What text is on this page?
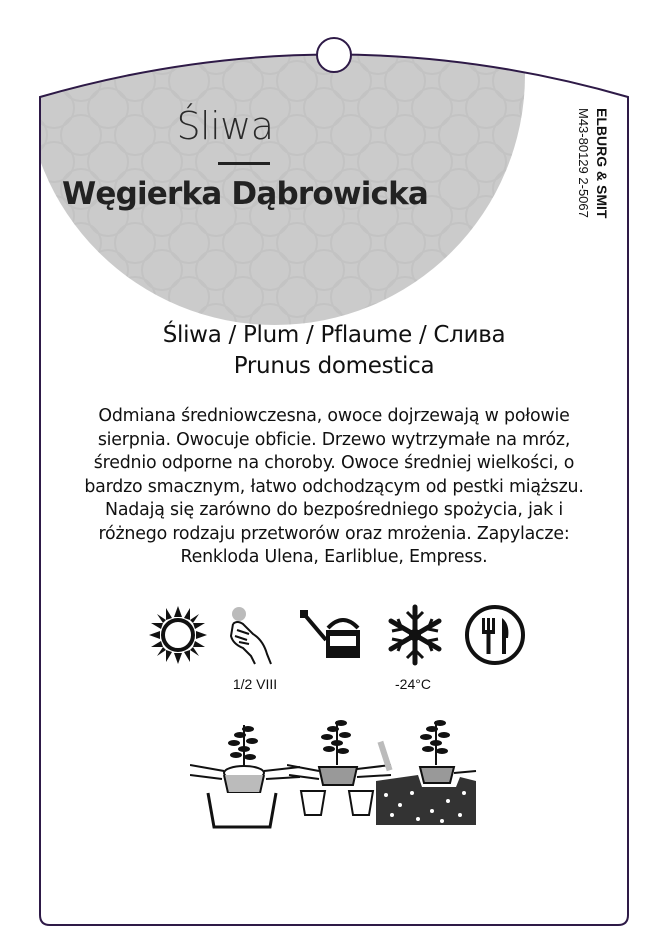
Śliwa
Węgierka Dąbrowicka	ELBURG & SMIT
M43-80129 2-5067
Śliwa / Plum / Pflaume / Слива
Prunus domestica
Odmiana średniowczesna, owoce dojrzewają w połowie sierpnia. Owocuje obficie. Drzewo wytrzymałe na mróz, średnio odporne na choroby. Owoce średniej wielkości, o bardzo smacznym, łatwo odchodzącym od pestki miąższu. Nadają się zarówno do bezpośredniego spożycia, jak i różnego rodzaju przetworów oraz mrożenia. Zapylacze: Renkloda Ulena, Earliblue, Empress.
1/2 VIII	-24°C
